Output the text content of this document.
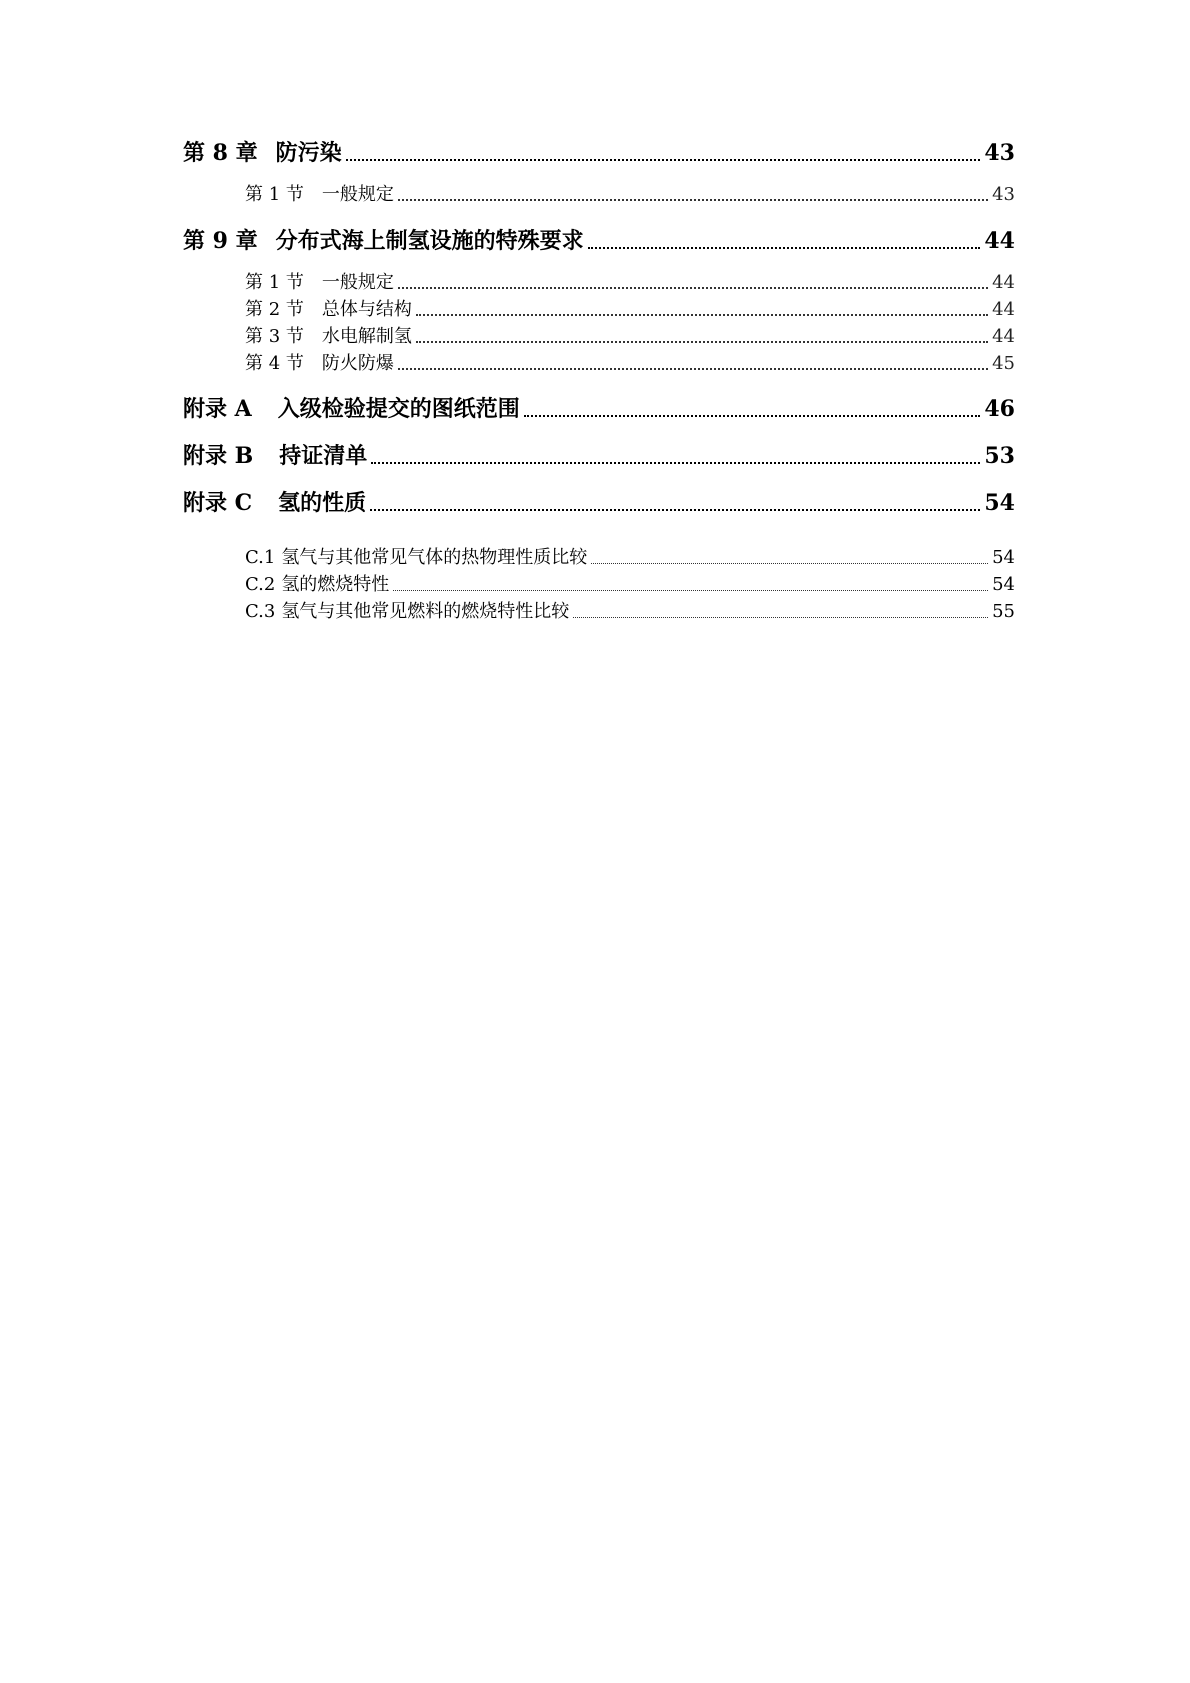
第 8 章 防污染	43
第 1 节 一般规定	43
第 9 章 分布式海上制氢设施的特殊要求	44
第 1 节 一般规定	44
第 2 节 总体与结构	44
第 3 节 水电解制氢	44
第 4 节 防火防爆	45
附录 A 入级检验提交的图纸范围	46
附录 B 持证清单	53
附录 C 氢的性质	54
C.1 氢气与其他常见气体的热物理性质比较	54
C.2 氢的燃烧特性	54
C.3 氢气与其他常见燃料的燃烧特性比较	55
